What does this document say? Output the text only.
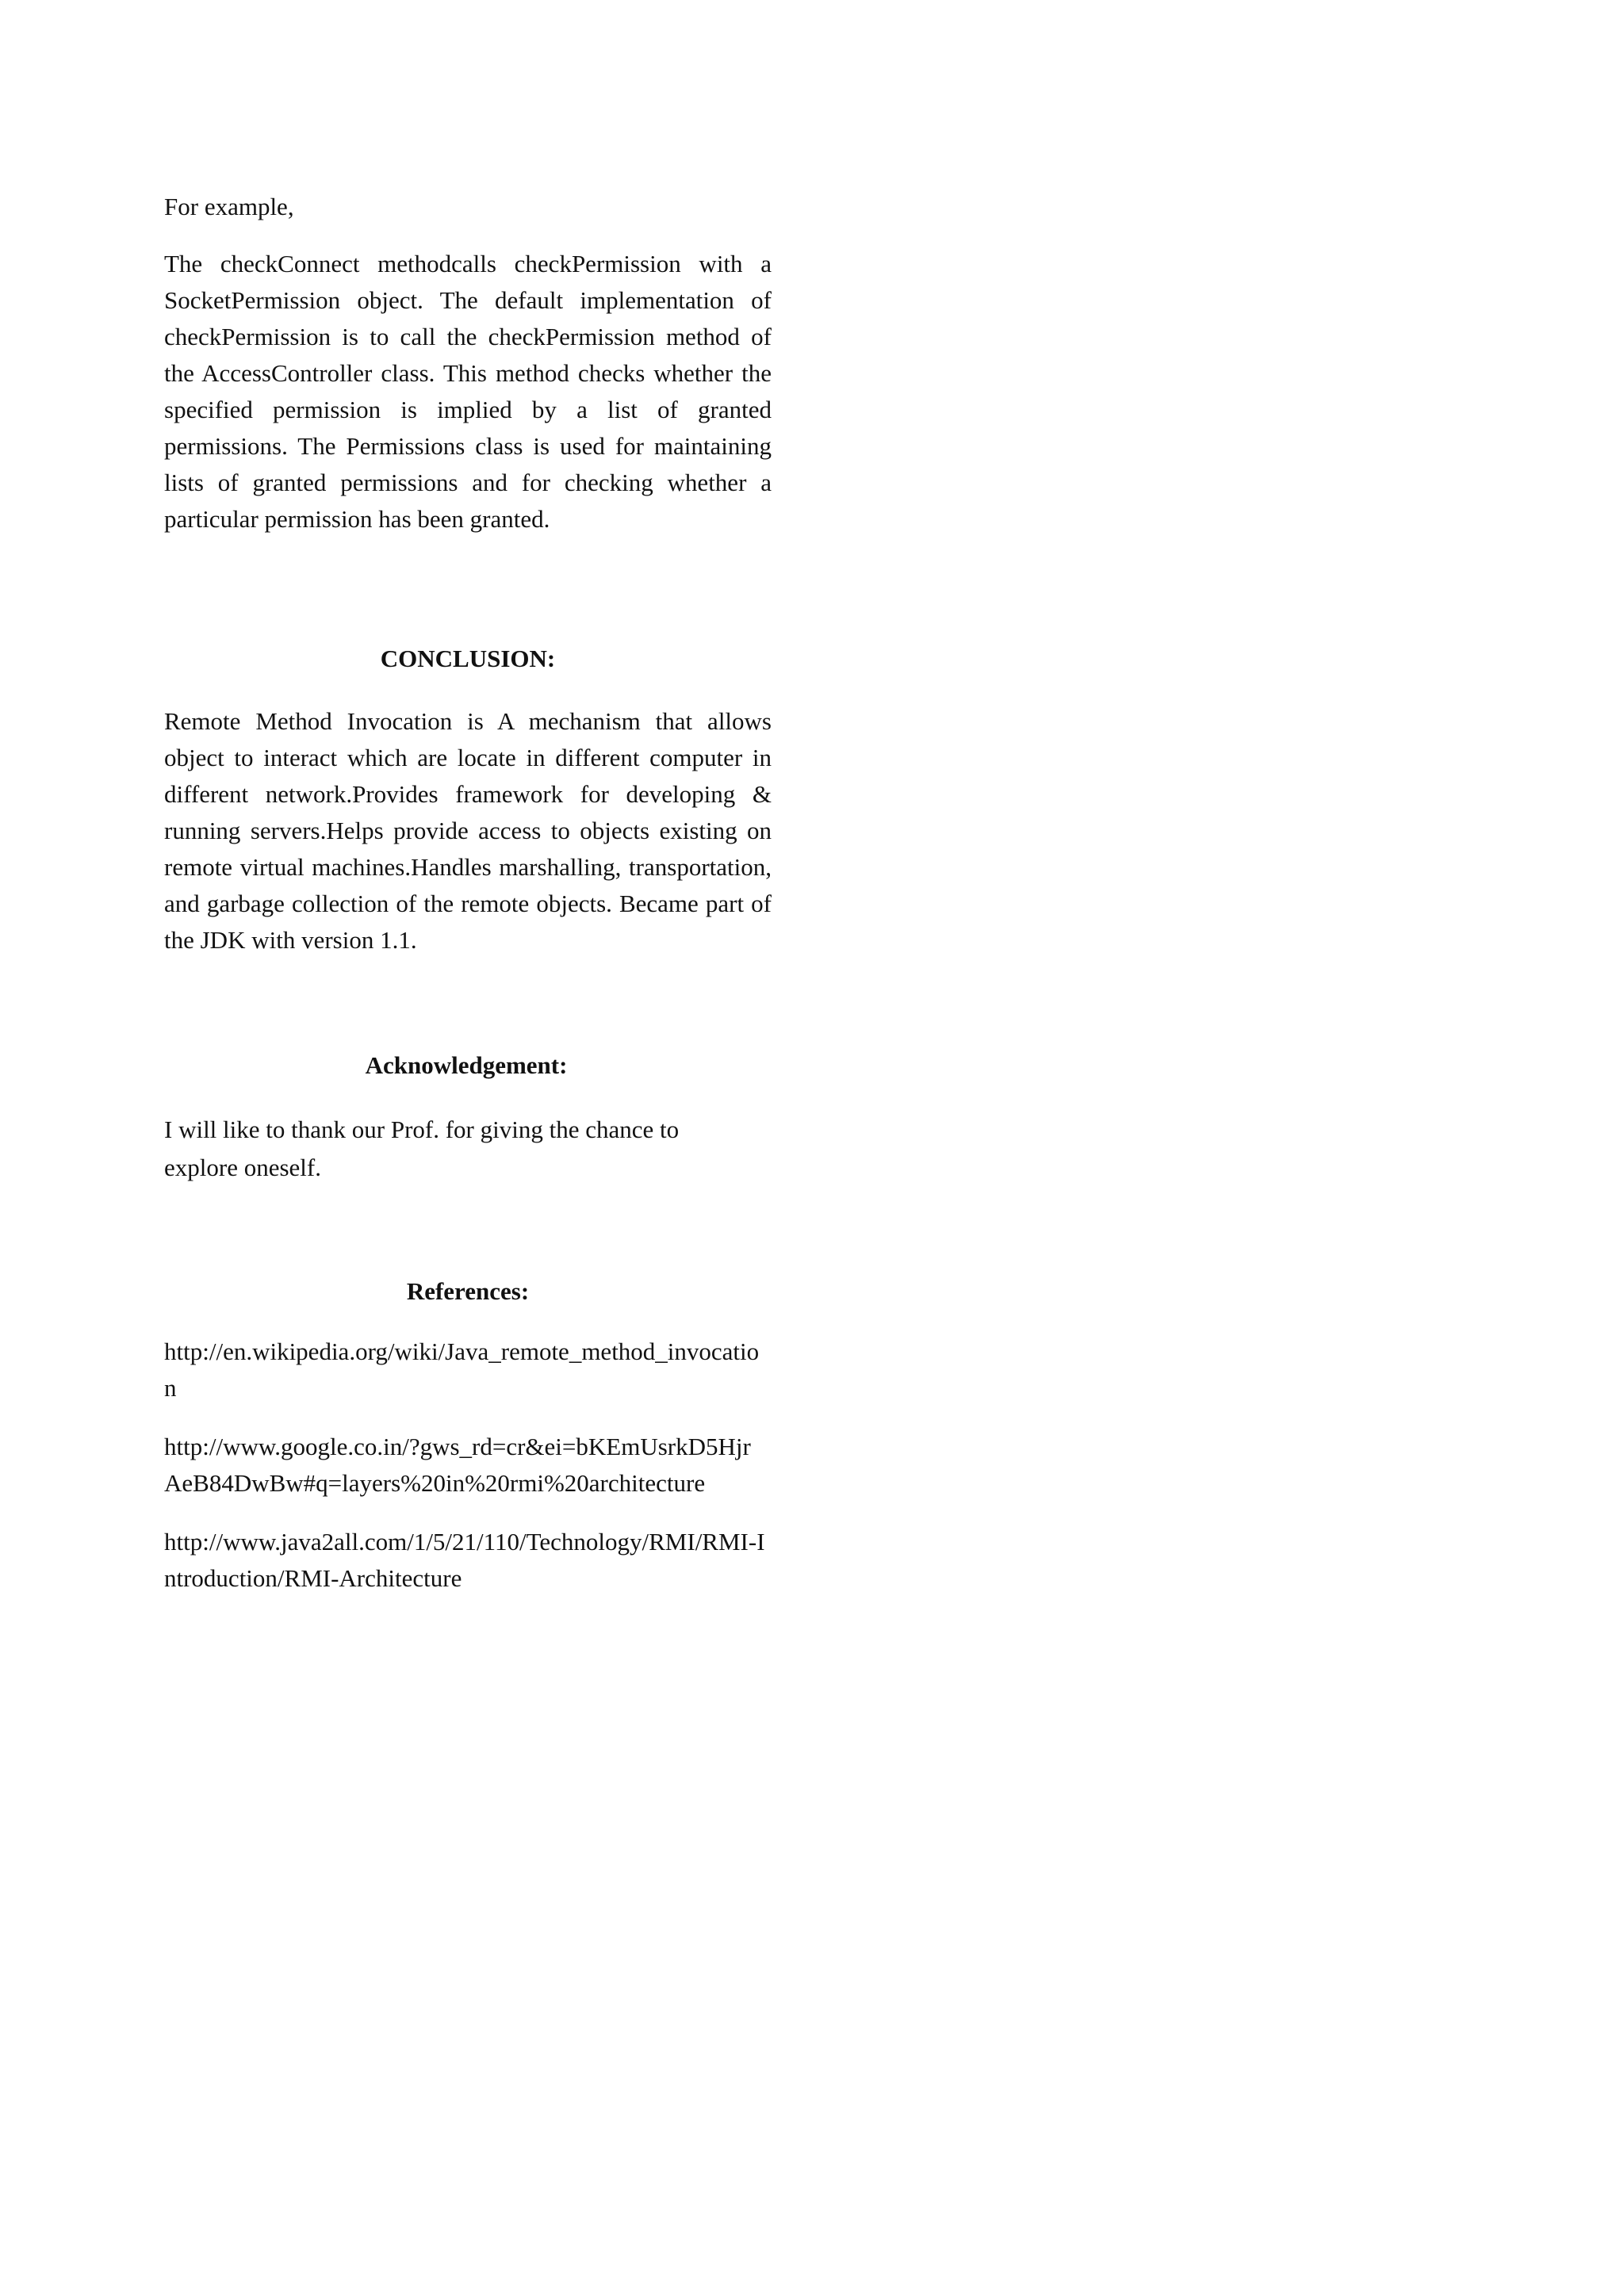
For example,

The checkConnect methodcalls checkPermission with a SocketPermission object. The default implementation of checkPermission is to call the checkPermission method of the AccessController class. This method checks whether the specified permission is implied by a list of granted permissions. The Permissions class is used for maintaining lists of granted permissions and for checking whether a particular permission has been granted.

CONCLUSION:

Remote Method Invocation is A mechanism that allows object to interact which are locate in different computer in different network.Provides framework for developing & running servers.Helps provide access to objects existing on remote virtual machines.Handles marshalling, transportation, and garbage collection of the remote objects. Became part of the JDK with version 1.1.

Acknowledgement:

I will like to thank our Prof. for giving the chance to explore oneself.

References:

http://en.wikipedia.org/wiki/Java_remote_method_invocation

http://www.google.co.in/?gws_rd=cr&ei=bKEmUsrkD5HjrAeB84DwBw#q=layers%20in%20rmi%20architecture

http://www.java2all.com/1/5/21/110/Technology/RMI/RMI-Introduction/RMI-Architecture
